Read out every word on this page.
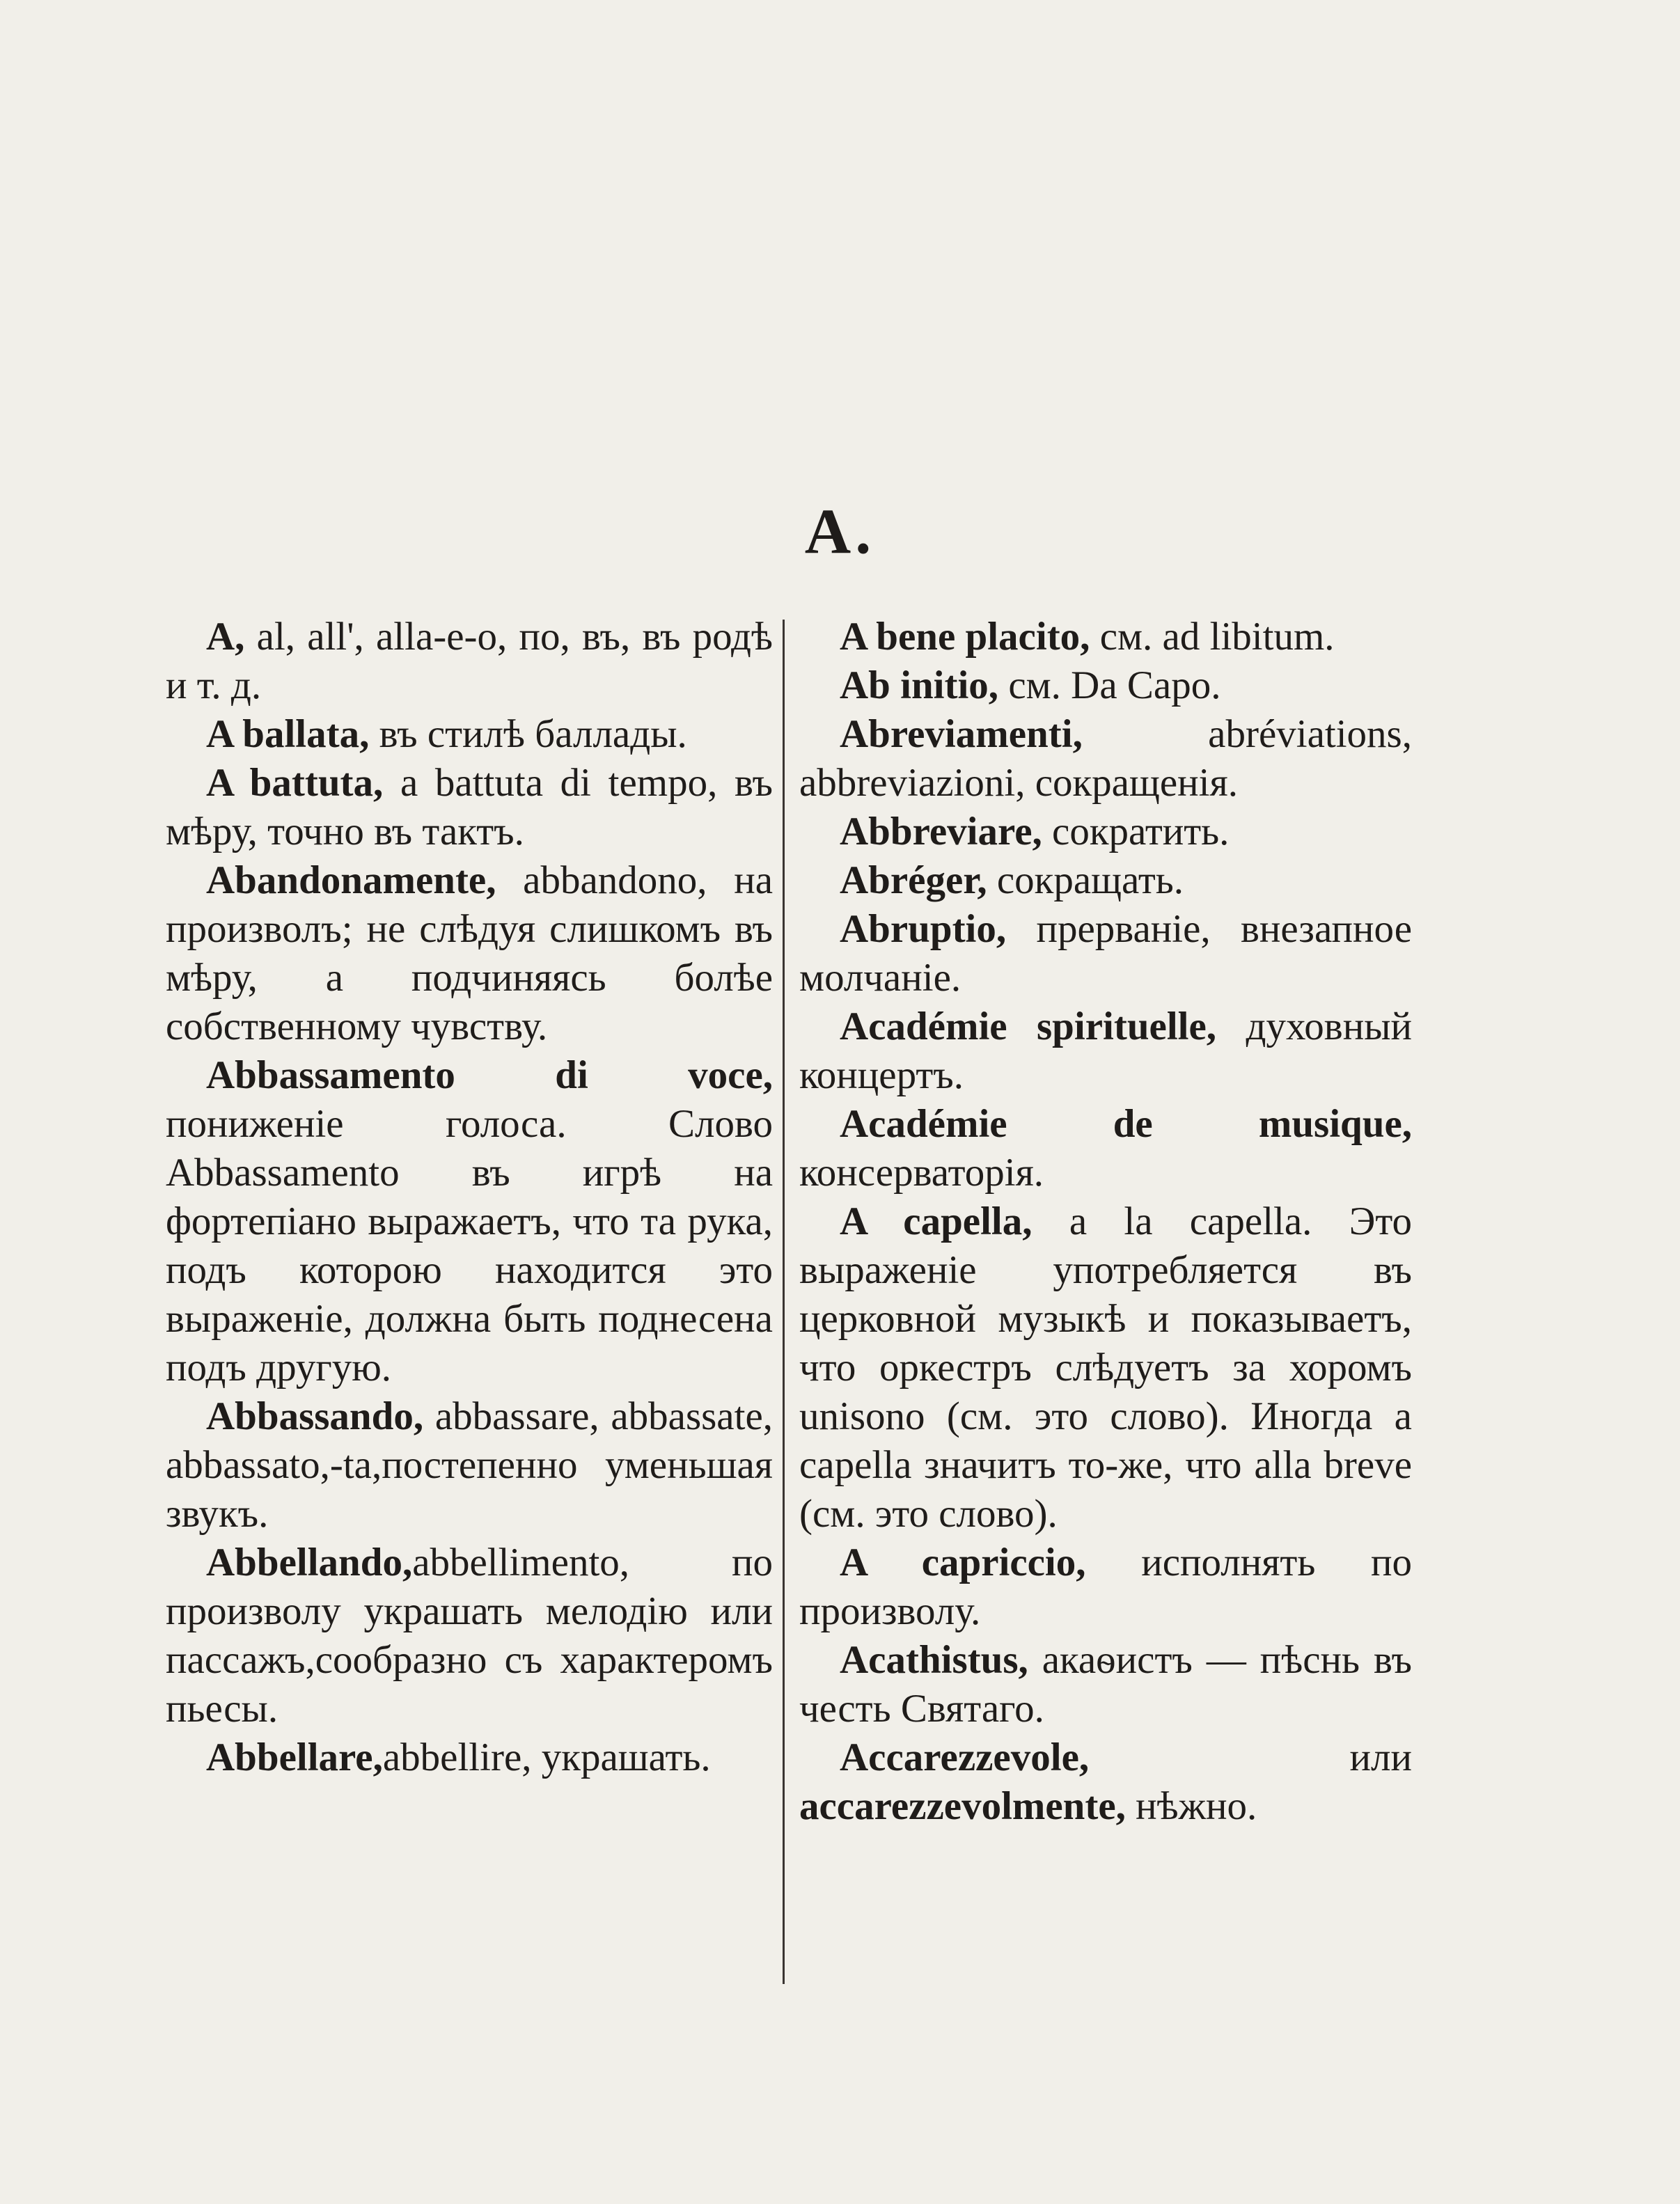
A.

A, al, all', alla-e-o, по, въ, въ родѣ и т. д.

A ballata, въ стилѣ баллады.

A battuta, a battuta di tempo, въ мѣру, точно въ тактъ.

Abandonamente, abbandono, на произволъ; не слѣдуя слишкомъ въ мѣру, а подчиняясь болѣе собственному чувству.

Abbassamento di voce, пониженіе голоса. Слово Abbassamento въ игрѣ на фортепіано выражаетъ, что та рука, подъ которою находится это выраженіе, должна быть поднесена подъ другую.

Abbassando, abbassare, abbassate, abbassato,-ta,постепенно уменьшая звукъ.

Abbellando,abbellimento, по произволу украшать мелодію или пассажъ,сообразно съ характеромъ пьесы.

Abbellare,abbellire, украшать.

A bene placito, см. ad libitum.

Ab initio, см. Da Capo.

Abreviamenti, abréviations, abbreviazioni, сокращенія.

Abbreviare, сократить.

Abréger, сокращать.

Abruptio, прерваніе, внезапное молчаніе.

Académie spirituelle, духовный концертъ.

Académie de musique, консерваторія.

A capella, a la capella. Это выраженіе употребляется въ церковной музыкѣ и показываетъ, что оркестръ слѣдуетъ за хоромъ unisono (см. это слово). Иногда a capella значитъ то-же, что alla breve (см. это слово).

A capriccio, исполнять по произволу.

Acathistus, акаѳистъ — пѣснь въ честь Святаго.

Accarezzevole, или accarezzevolmente, нѣжно.
